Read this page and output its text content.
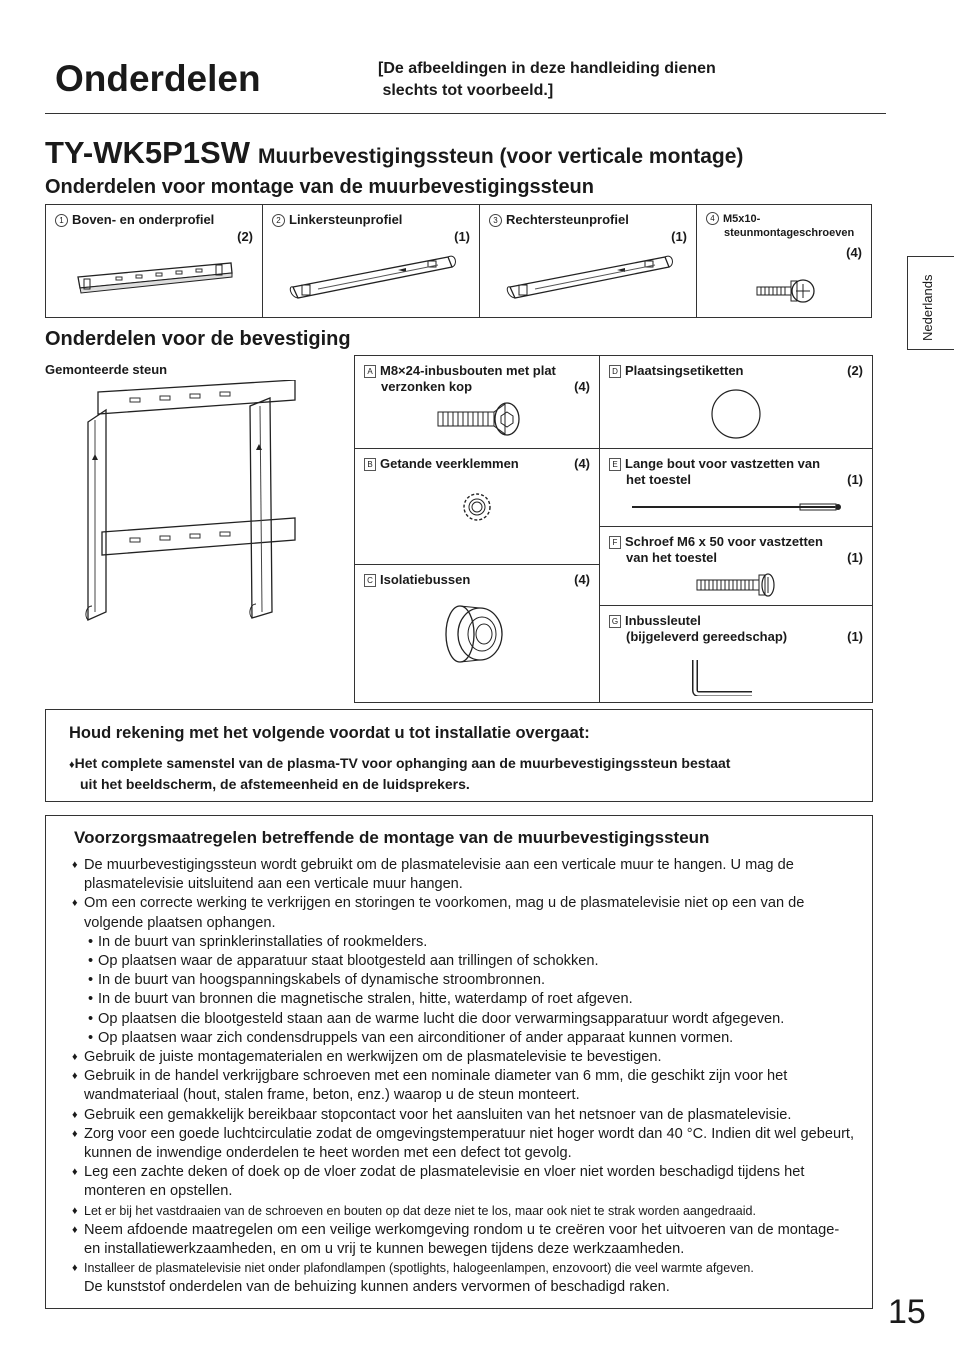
Onderdelen	[De afbeeldingen in deze handleiding dienen
slechts tot voorbeeld.]
TY-WK5P1SW Muurbevestigingssteun (voor verticale montage)
Onderdelen voor montage van de muurbevestigingssteun
1 Boven- en onderprofiel
(2)
2 Linkersteunprofiel
(1)
3 Rechtersteunprofiel
(1)
4 M5x10-
steunmontageschroeven
(4)
Nederlands
Onderdelen voor de bevestiging
Gemonteerde steun	A M8×24-inbusbouten met plat
verzonken kop	(4)
B Getande veerklemmen	(4)
C Isolatiebussen	(4)
D Plaatsingsetiketten	(2)
E Lange bout voor vastzetten van
het toestel	(1)
F Schroef M6 x 50 voor vastzetten
van het toestel	(1)
G Inbussleutel
(bijgeleverd gereedschap)	(1)
Houd rekening met het volgende voordat u tot installatie overgaat:
♦ Het complete samenstel van de plasma-TV voor ophanging aan de muurbevestigingssteun bestaat
uit het beeldscherm, de afstemeenheid en de luidsprekers.
Voorzorgsmaatregelen betreffende de montage van de muurbevestigingssteun
♦ De muurbevestigingssteun wordt gebruikt om de plasmatelevisie aan een verticale muur te hangen. U mag de plasmatelevisie uitsluitend aan een verticale muur hangen.
♦ Om een correcte werking te verkrijgen en storingen te voorkomen, mag u de plasmatelevisie niet op een van de volgende plaatsen ophangen.
• In de buurt van sprinklerinstallaties of rookmelders.
• Op plaatsen waar de apparatuur staat blootgesteld aan trillingen of schokken.
• In de buurt van hoogspanningskabels of dynamische stroombronnen.
• In de buurt van bronnen die magnetische stralen, hitte, waterdamp of roet afgeven.
• Op plaatsen die blootgesteld staan aan de warme lucht die door verwarmingsapparatuur wordt afgegeven.
• Op plaatsen waar zich condensdruppels van een airconditioner of ander apparaat kunnen vormen.
♦ Gebruik de juiste montagematerialen en werkwijzen om de plasmatelevisie te bevestigen.
♦ Gebruik in de handel verkrijgbare schroeven met een nominale diameter van 6 mm, die geschikt zijn voor het wandmateriaal (hout, stalen frame, beton, enz.) waarop u de steun monteert.
♦ Gebruik een gemakkelijk bereikbaar stopcontact voor het aansluiten van het netsnoer van de plasmatelevisie.
♦ Zorg voor een goede luchtcirculatie zodat de omgevingstemperatuur niet hoger wordt dan 40 °C. Indien dit wel gebeurt, kunnen de inwendige onderdelen te heet worden met een defect tot gevolg.
♦ Leg een zachte deken of doek op de vloer zodat de plasmatelevisie en vloer niet worden beschadigd tijdens het monteren en opstellen.
♦ Let er bij het vastdraaien van de schroeven en bouten op dat deze niet te los, maar ook niet te strak worden aangedraaid.
♦ Neem afdoende maatregelen om een veilige werkomgeving rondom u te creëren voor het uitvoeren van de montage- en installatiewerkzaamheden, en om u vrij te kunnen bewegen tijdens deze werkzaamheden.
♦ Installeer de plasmatelevisie niet onder plafondlampen (spotlights, halogeenlampen, enzovoort) die veel warmte afgeven.
De kunststof onderdelen van de behuizing kunnen anders vervormen of beschadigd raken.
15
